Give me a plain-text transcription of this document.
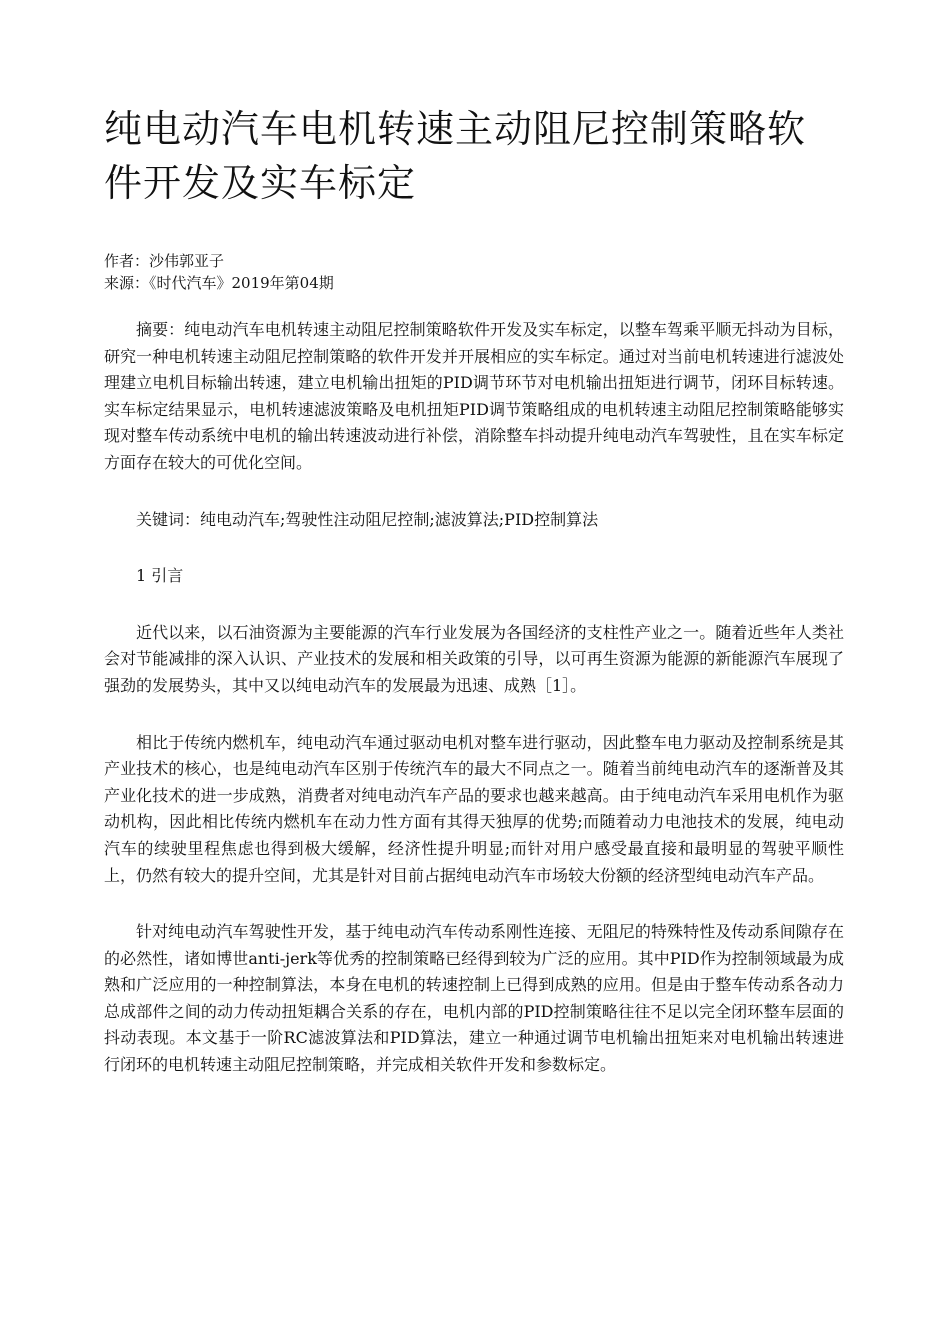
纯电动汽车电机转速主动阻尼控制策略软件开发及实车标定
作者：沙伟郭亚子
来源：《时代汽车》2019年第04期

摘要：纯电动汽车电机转速主动阻尼控制策略软件开发及实车标定，以整车驾乘平顺无抖动为目标，研究一种电机转速主动阻尼控制策略的软件开发并开展相应的实车标定。通过对当前电机转速进行滤波处理建立电机目标输出转速，建立电机输出扭矩的PID调节环节对电机输出扭矩进行调节，闭环目标转速。实车标定结果显示，电机转速滤波策略及电机扭矩PID调节策略组成的电机转速主动阻尼控制策略能够实现对整车传动系统中电机的输出转速波动进行补偿，消除整车抖动提升纯电动汽车驾驶性，且在实车标定方面存在较大的可优化空间。

关键词：纯电动汽车;驾驶性注动阻尼控制;滤波算法;PID控制算法

1 引言

近代以来，以石油资源为主要能源的汽车行业发展为各国经济的支柱性产业之一。随着近些年人类社会对节能减排的深入认识、产业技术的发展和相关政策的引导，以可再生资源为能源的新能源汽车展现了强劲的发展势头，其中又以纯电动汽车的发展最为迅速、成熟［1］。

相比于传统内燃机车，纯电动汽车通过驱动电机对整车进行驱动，因此整车电力驱动及控制系统是其产业技术的核心，也是纯电动汽车区别于传统汽车的最大不同点之一。随着当前纯电动汽车的逐渐普及其产业化技术的进一步成熟，消费者对纯电动汽车产品的要求也越来越高。由于纯电动汽车采用电机作为驱动机构，因此相比传统内燃机车在动力性方面有其得天独厚的优势;而随着动力电池技术的发展，纯电动汽车的续驶里程焦虑也得到极大缓解，经济性提升明显;而针对用户感受最直接和最明显的驾驶平顺性上，仍然有较大的提升空间，尤其是针对目前占据纯电动汽车市场较大份额的经济型纯电动汽车产品。

针对纯电动汽车驾驶性开发，基于纯电动汽车传动系刚性连接、无阻尼的特殊特性及传动系间隙存在的必然性，诸如博世anti-jerk等优秀的控制策略已经得到较为广泛的应用。其中PID作为控制领域最为成熟和广泛应用的一种控制算法，本身在电机的转速控制上已得到成熟的应用。但是由于整车传动系各动力总成部件之间的动力传动扭矩耦合关系的存在，电机内部的PID控制策略往往不足以完全闭环整车层面的抖动表现。本文基于一阶RC滤波算法和PID算法，建立一种通过调节电机输出扭矩来对电机输出转速进行闭环的电机转速主动阻尼控制策略，并完成相关软件开发和参数标定。
